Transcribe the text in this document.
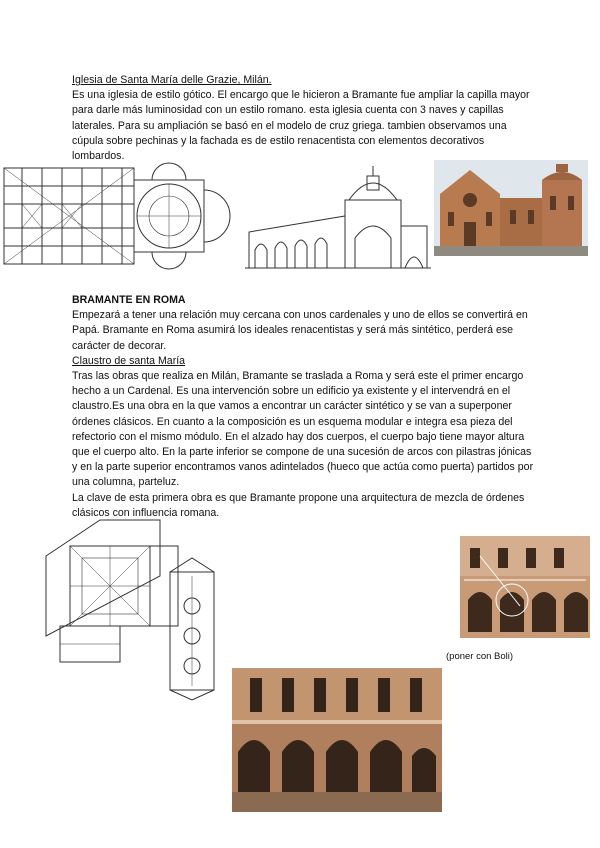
Iglesia de Santa María delle Grazie, Milán.
Es una iglesia de estilo gótico. El encargo que le hicieron a Bramante fue ampliar la capilla mayor para darle más luminosidad con un estilo romano. esta iglesia cuenta con 3 naves y capillas laterales. Para su ampliación se basó en el modelo de cruz griega. tambien observamos una cúpula sobre pechinas y la fachada es de estilo renacentista con elementos decorativos lombardos.
BRAMANTE EN ROMA
Empezará a tener una relación muy cercana con unos cardenales y uno de ellos se convertirá en Papá. Bramante en Roma asumirá los ideales renacentistas y será más sintético, perderá ese carácter de decorar.
Claustro de santa María
Tras las obras que realiza en Milán, Bramante se traslada a Roma y será este el primer encargo hecho a un Cardenal. Es una intervención sobre un edificio ya existente y el intervendrá en el claustro.Es una obra en la que vamos a encontrar un carácter sintético y se van a superponer órdenes clásicos. En cuanto a la composición es un esquema modular e integra esa pieza del refectorio con el mismo módulo. En el alzado hay dos cuerpos, el cuerpo bajo tiene mayor altura que el cuerpo alto. En la parte inferior se compone de una sucesión de arcos con pilastras jónicas y en la parte superior encontramos vanos adintelados (hueco que actúa como puerta) partidos por una columna, parteluz.
La clave de esta primera obra es que Bramante propone una arquitectura de mezcla de órdenes clásicos con influencia romana.
(poner con Boli)
